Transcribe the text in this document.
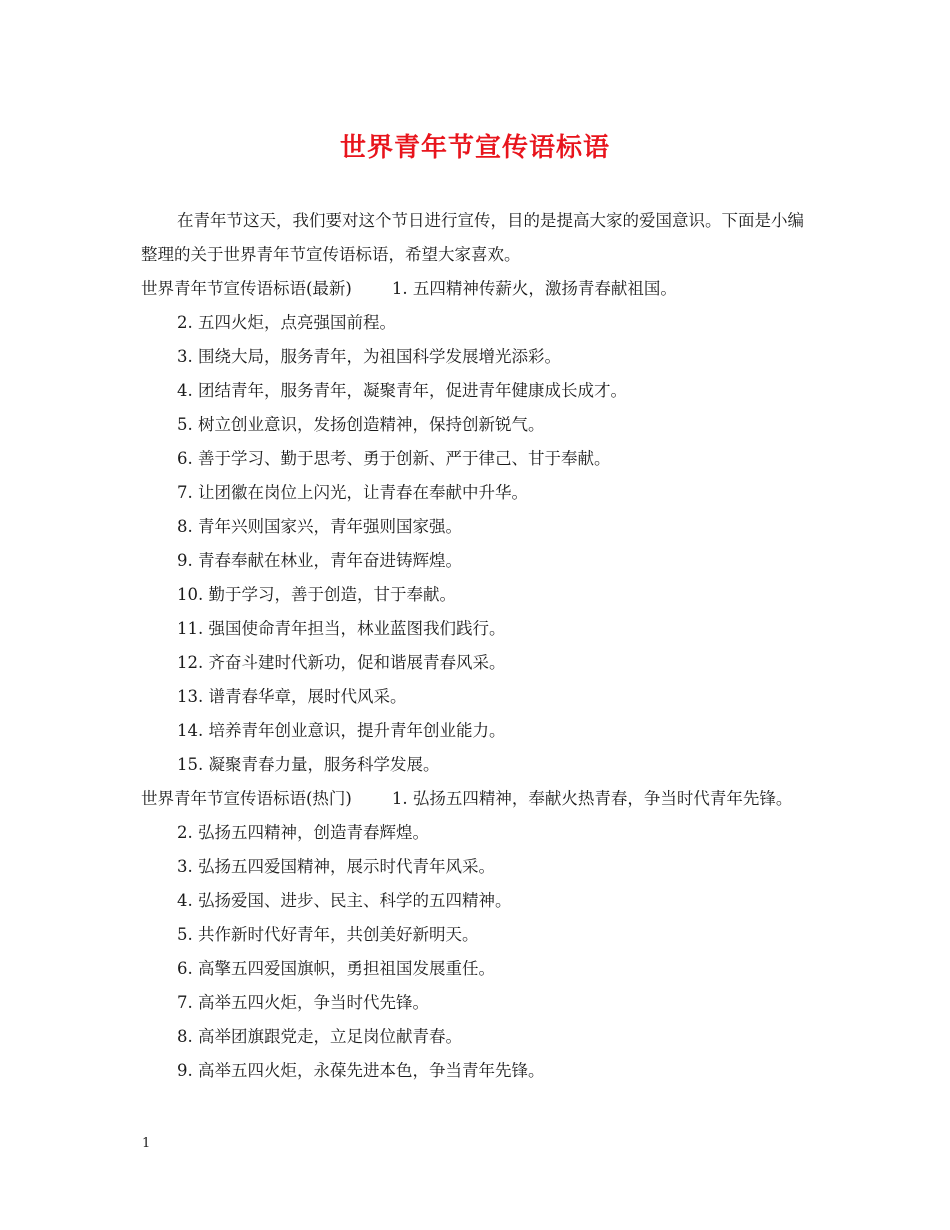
世界青年节宣传语标语

在青年节这天，我们要对这个节日进行宣传，目的是提高大家的爱国意识。下面是小编整理的关于世界青年节宣传语标语，希望大家喜欢。

世界青年节宣传语标语(最新) 1. 五四精神传薪火，激扬青春献祖国。

2. 五四火炬，点亮强国前程。

3. 围绕大局，服务青年，为祖国科学发展增光添彩。

4. 团结青年，服务青年，凝聚青年，促进青年健康成长成才。

5. 树立创业意识，发扬创造精神，保持创新锐气。

6. 善于学习、勤于思考、勇于创新、严于律己、甘于奉献。

7. 让团徽在岗位上闪光，让青春在奉献中升华。

8. 青年兴则国家兴，青年强则国家强。

9. 青春奉献在林业，青年奋进铸辉煌。

10. 勤于学习，善于创造，甘于奉献。

11. 强国使命青年担当，林业蓝图我们践行。

12. 齐奋斗建时代新功，促和谐展青春风采。

13. 谱青春华章，展时代风采。

14. 培养青年创业意识，提升青年创业能力。

15. 凝聚青春力量，服务科学发展。

世界青年节宣传语标语(热门) 1. 弘扬五四精神，奉献火热青春，争当时代青年先锋。

2. 弘扬五四精神，创造青春辉煌。

3. 弘扬五四爱国精神，展示时代青年风采。

4. 弘扬爱国、进步、民主、科学的五四精神。

5. 共作新时代好青年，共创美好新明天。

6. 高擎五四爱国旗帜，勇担祖国发展重任。

7. 高举五四火炬，争当时代先锋。

8. 高举团旗跟党走，立足岗位献青春。

9. 高举五四火炬，永葆先进本色，争当青年先锋。

1
